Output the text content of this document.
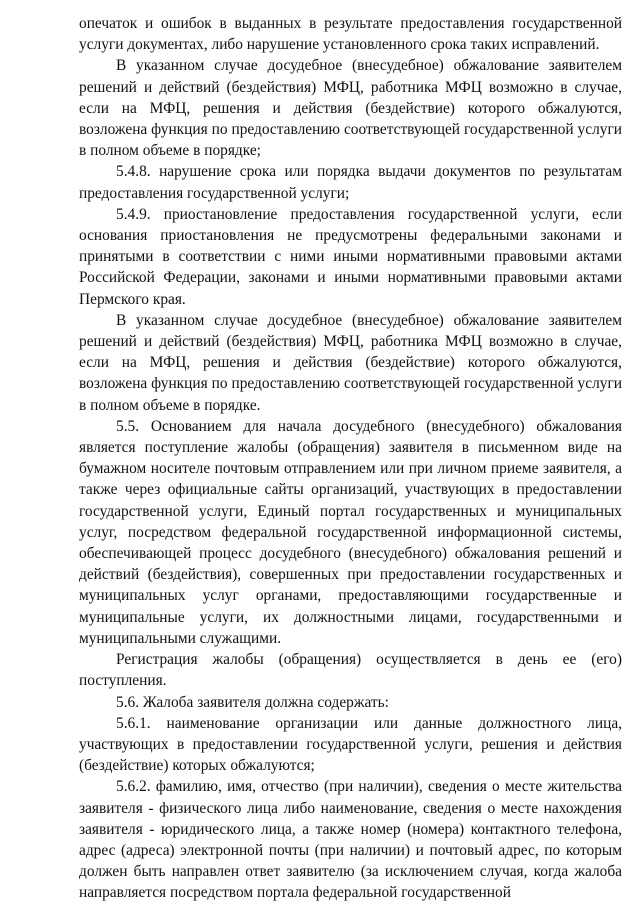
опечаток и ошибок в выданных в результате предоставления государственной услуги документах, либо нарушение установленного срока таких исправлений.

В указанном случае досудебное (внесудебное) обжалование заявителем решений и действий (бездействия) МФЦ, работника МФЦ возможно в случае, если на МФЦ, решения и действия (бездействие) которого обжалуются, возложена функция по предоставлению соответствующей государственной услуги в полном объеме в порядке;

5.4.8. нарушение срока или порядка выдачи документов по результатам предоставления государственной услуги;

5.4.9. приостановление предоставления государственной услуги, если основания приостановления не предусмотрены федеральными законами и принятыми в соответствии с ними иными нормативными правовыми актами Российской Федерации, законами и иными нормативными правовыми актами Пермского края.

В указанном случае досудебное (внесудебное) обжалование заявителем решений и действий (бездействия) МФЦ, работника МФЦ возможно в случае, если на МФЦ, решения и действия (бездействие) которого обжалуются, возложена функция по предоставлению соответствующей государственной услуги в полном объеме в порядке.

5.5. Основанием для начала досудебного (внесудебного) обжалования является поступление жалобы (обращения) заявителя в письменном виде на бумажном носителе почтовым отправлением или при личном приеме заявителя, а также через официальные сайты организаций, участвующих в предоставлении государственной услуги, Единый портал государственных и муниципальных услуг, посредством федеральной государственной информационной системы, обеспечивающей процесс досудебного (внесудебного) обжалования решений и действий (бездействия), совершенных при предоставлении государственных и муниципальных услуг органами, предоставляющими государственные и муниципальные услуги, их должностными лицами, государственными и муниципальными служащими.

Регистрация жалобы (обращения) осуществляется в день ее (его) поступления.

5.6. Жалоба заявителя должна содержать:

5.6.1. наименование организации или данные должностного лица, участвующих в предоставлении государственной услуги, решения и действия (бездействие) которых обжалуются;

5.6.2. фамилию, имя, отчество (при наличии), сведения о месте жительства заявителя - физического лица либо наименование, сведения о месте нахождения заявителя - юридического лица, а также номер (номера) контактного телефона, адрес (адреса) электронной почты (при наличии) и почтовый адрес, по которым должен быть направлен ответ заявителю (за исключением случая, когда жалоба направляется посредством портала федеральной государственной
